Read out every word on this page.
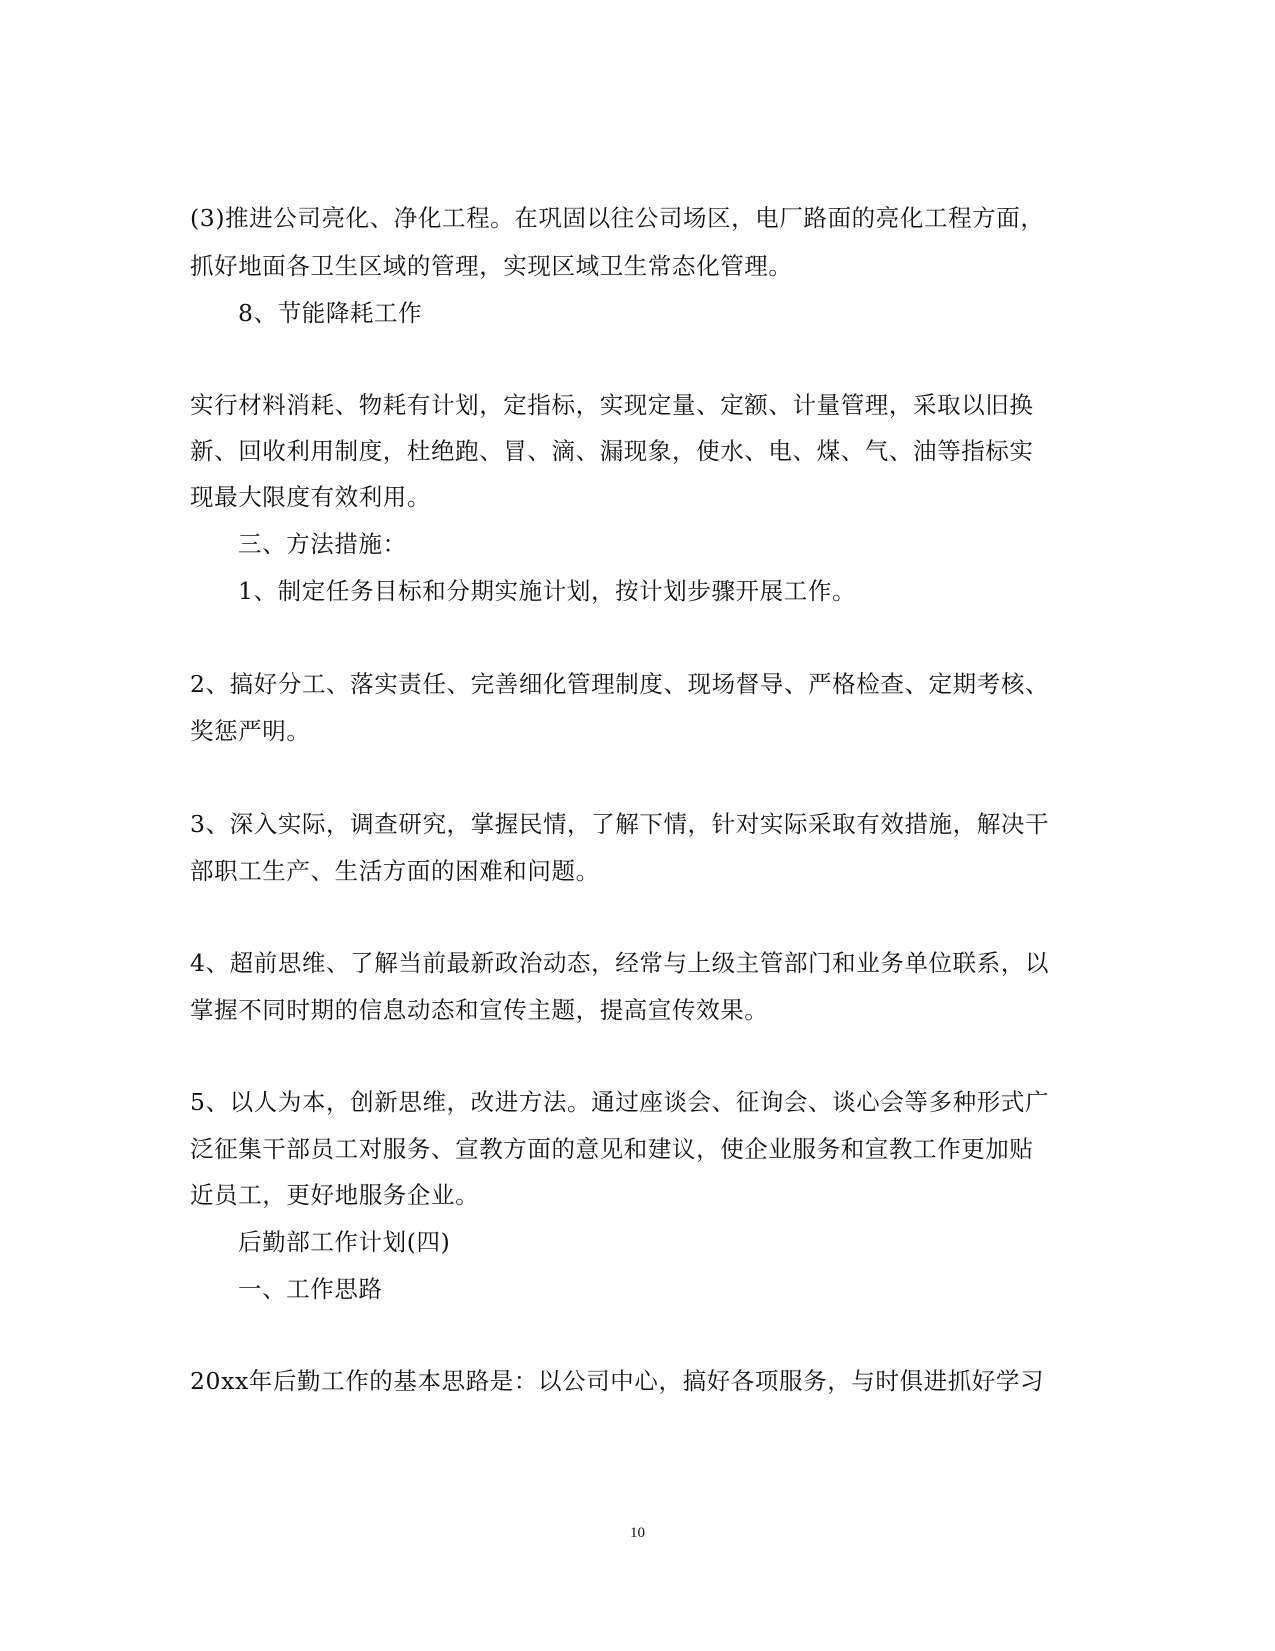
(3)推进公司亮化、净化工程。在巩固以往公司场区，电厂路面的亮化工程方面，
抓好地面各卫生区域的管理，实现区域卫生常态化管理。
8、节能降耗工作
实行材料消耗、物耗有计划，定指标，实现定量、定额、计量管理，采取以旧换
新、回收利用制度，杜绝跑、冒、滴、漏现象，使水、电、煤、气、油等指标实
现最大限度有效利用。
三、方法措施：
1、制定任务目标和分期实施计划，按计划步骤开展工作。
2、搞好分工、落实责任、完善细化管理制度、现场督导、严格检查、定期考核、
奖惩严明。
3、深入实际，调查研究，掌握民情，了解下情，针对实际采取有效措施，解决干
部职工生产、生活方面的困难和问题。
4、超前思维、了解当前最新政治动态，经常与上级主管部门和业务单位联系，以
掌握不同时期的信息动态和宣传主题，提高宣传效果。
5、以人为本，创新思维，改进方法。通过座谈会、征询会、谈心会等多种形式广
泛征集干部员工对服务、宣教方面的意见和建议，使企业服务和宣教工作更加贴
近员工，更好地服务企业。
后勤部工作计划(四)
一、工作思路
20xx年后勤工作的基本思路是：以公司中心，搞好各项服务，与时俱进抓好学习
10
